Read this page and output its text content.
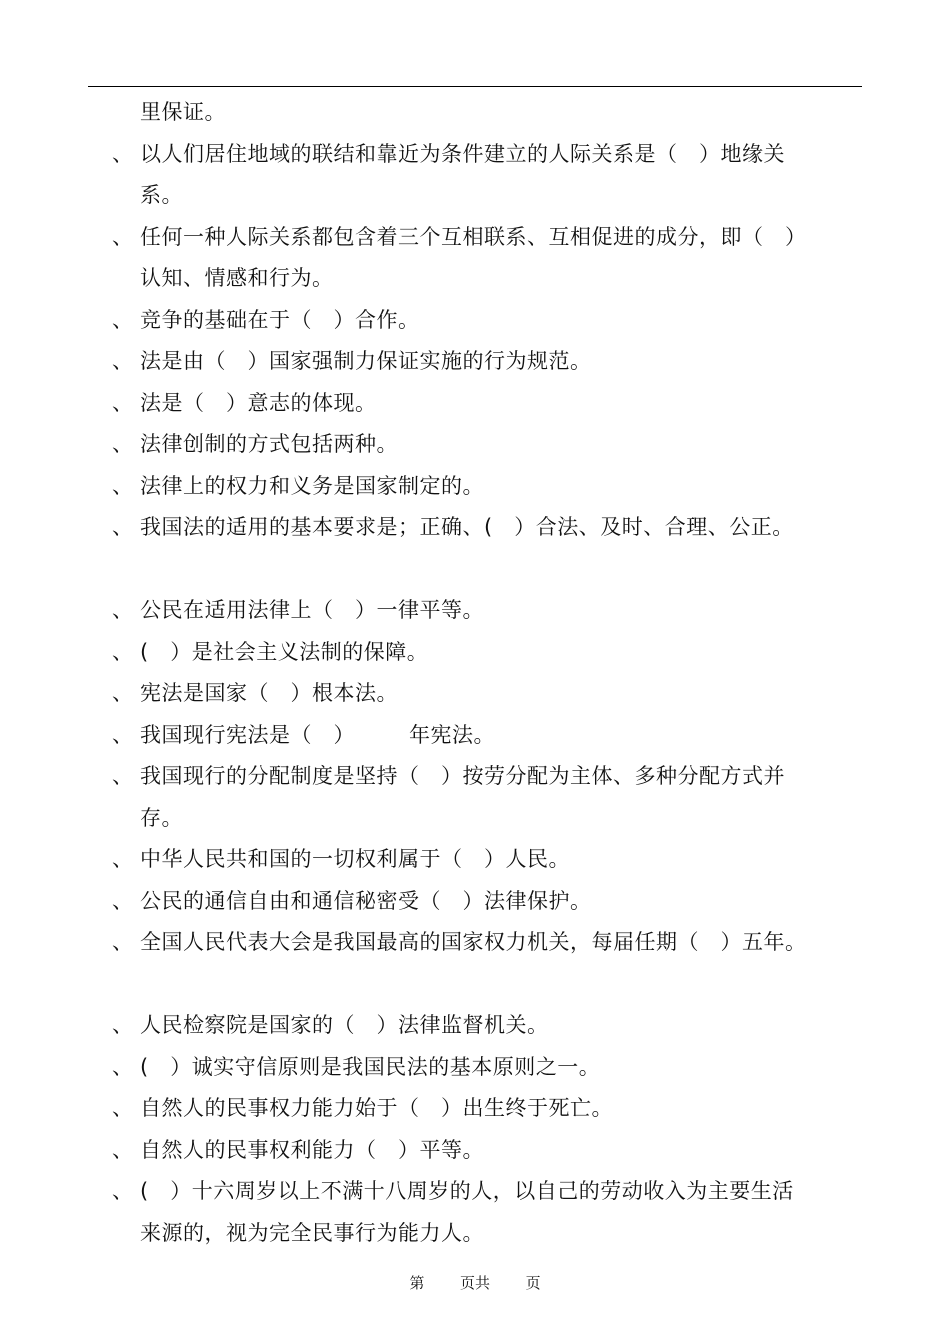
里保证。
、 以人们居住地域的联结和靠近为条件建立的人际关系是（　）地缘关
系。
、 任何一种人际关系都包含着三个互相联系、互相促进的成分，即（　）
认知、情感和行为。
、 竞争的基础在于（　）合作。
、 法是由（　）国家强制力保证实施的行为规范。
、 法是（　）意志的体现。
、 法律创制的方式包括两种。
、 法律上的权力和义务是国家制定的。
、 我国法的适用的基本要求是；正确、(　）合法、及时、合理、公正。
、 公民在适用法律上（　）一律平等。
、 (　）是社会主义法制的保障。
、 宪法是国家（　）根本法。
、 我国现行宪法是（　）　　　年宪法。
、 我国现行的分配制度是坚持（　）按劳分配为主体、多种分配方式并
存。
、 中华人民共和国的一切权利属于（　）人民。
、 公民的通信自由和通信秘密受（　）法律保护。
、 全国人民代表大会是我国最高的国家权力机关，每届任期（　）五年。
、 人民检察院是国家的（　）法律监督机关。
、 (　）诚实守信原则是我国民法的基本原则之一。
、 自然人的民事权力能力始于（　）出生终于死亡。
、 自然人的民事权利能力（　）平等。
、 (　）十六周岁以上不满十八周岁的人，以自己的劳动收入为主要生活
来源的，视为完全民事行为能力人。
第 页共 页
